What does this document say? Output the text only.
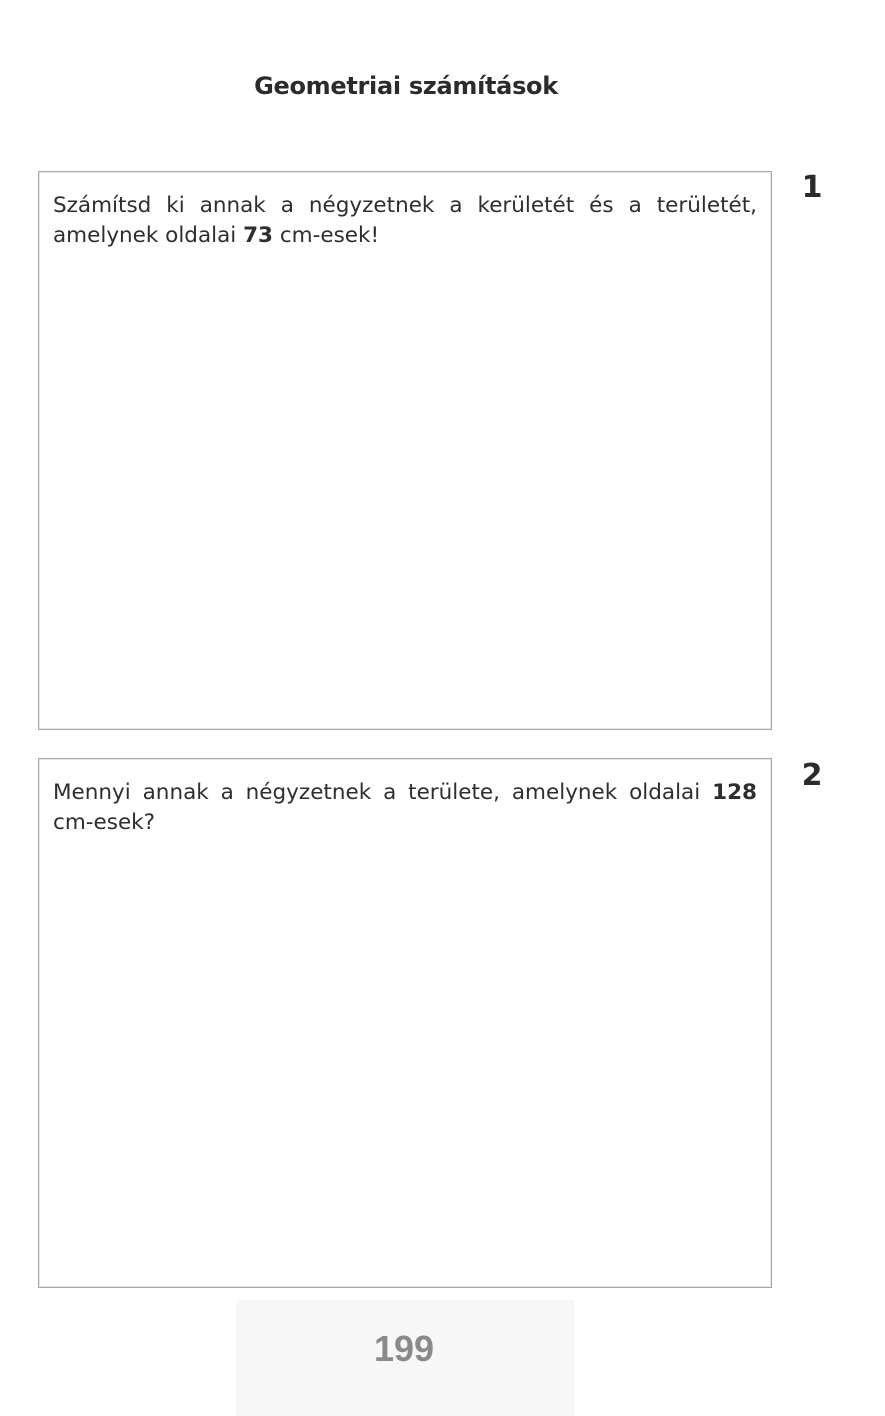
Geometriai számítások
Számítsd ki annak a négyzetnek a kerületét és a területét, amelynek oldalai 73 cm-esek!
1
Mennyi annak a négyzetnek a területe, amelynek oldalai 128 cm-esek?
2
199
